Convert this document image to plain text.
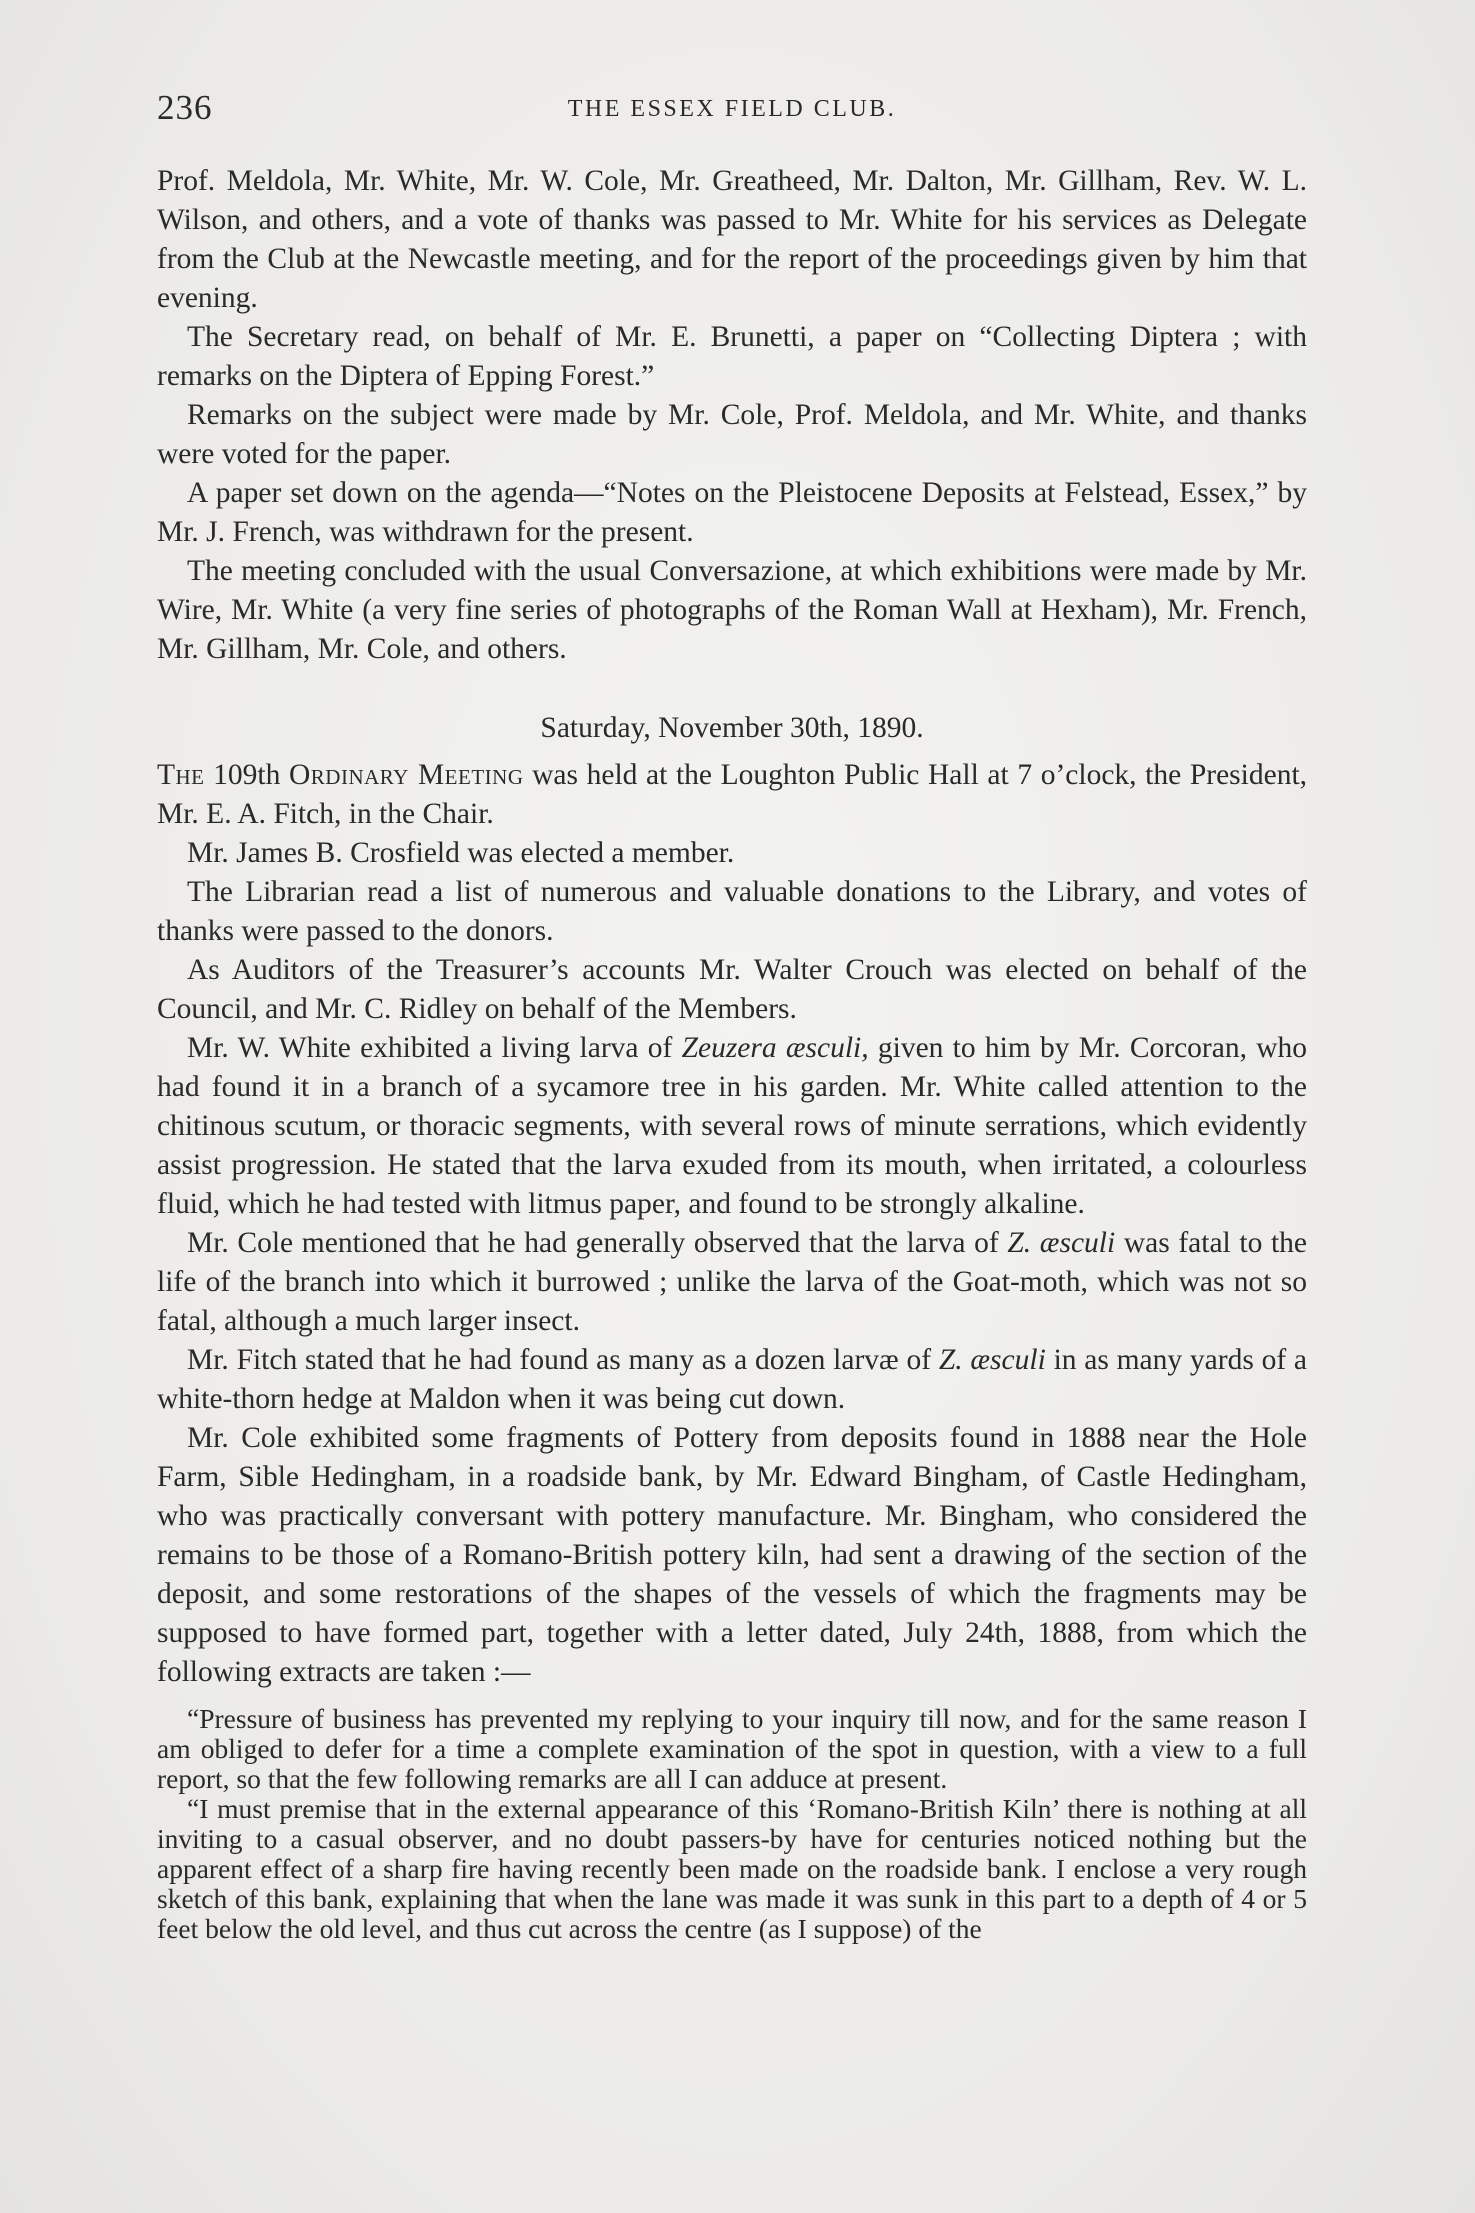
236	THE ESSEX FIELD CLUB.

Prof. Meldola, Mr. White, Mr. W. Cole, Mr. Greatheed, Mr. Dalton, Mr. Gillham, Rev. W. L. Wilson, and others, and a vote of thanks was passed to Mr. White for his services as Delegate from the Club at the Newcastle meeting, and for the report of the proceedings given by him that evening.

The Secretary read, on behalf of Mr. E. Brunetti, a paper on “Collecting Diptera ; with remarks on the Diptera of Epping Forest.”

Remarks on the subject were made by Mr. Cole, Prof. Meldola, and Mr. White, and thanks were voted for the paper.

A paper set down on the agenda—“Notes on the Pleistocene Deposits at Felstead, Essex,” by Mr. J. French, was withdrawn for the present.

The meeting concluded with the usual Conversazione, at which exhibitions were made by Mr. Wire, Mr. White (a very fine series of photographs of the Roman Wall at Hexham), Mr. French, Mr. Gillham, Mr. Cole, and others.

Saturday, November 30th, 1890.

The 109th Ordinary Meeting was held at the Loughton Public Hall at 7 o’clock, the President, Mr. E. A. Fitch, in the Chair.

Mr. James B. Crosfield was elected a member.

The Librarian read a list of numerous and valuable donations to the Library, and votes of thanks were passed to the donors.

As Auditors of the Treasurer’s accounts Mr. Walter Crouch was elected on behalf of the Council, and Mr. C. Ridley on behalf of the Members.

Mr. W. White exhibited a living larva of Zeuzera æsculi, given to him by Mr. Corcoran, who had found it in a branch of a sycamore tree in his garden. Mr. White called attention to the chitinous scutum, or thoracic segments, with several rows of minute serrations, which evidently assist progression. He stated that the larva exuded from its mouth, when irritated, a colourless fluid, which he had tested with litmus paper, and found to be strongly alkaline.

Mr. Cole mentioned that he had generally observed that the larva of Z. æsculi was fatal to the life of the branch into which it burrowed ; unlike the larva of the Goat-moth, which was not so fatal, although a much larger insect.

Mr. Fitch stated that he had found as many as a dozen larvæ of Z. æsculi in as many yards of a white-thorn hedge at Maldon when it was being cut down.

Mr. Cole exhibited some fragments of Pottery from deposits found in 1888 near the Hole Farm, Sible Hedingham, in a roadside bank, by Mr. Edward Bingham, of Castle Hedingham, who was practically conversant with pottery manufacture. Mr. Bingham, who considered the remains to be those of a Romano-British pottery kiln, had sent a drawing of the section of the deposit, and some restorations of the shapes of the vessels of which the fragments may be supposed to have formed part, together with a letter dated, July 24th, 1888, from which the following extracts are taken :—

“Pressure of business has prevented my replying to your inquiry till now, and for the same reason I am obliged to defer for a time a complete examination of the spot in question, with a view to a full report, so that the few following remarks are all I can adduce at present.

“I must premise that in the external appearance of this ‘Romano-British Kiln’ there is nothing at all inviting to a casual observer, and no doubt passers-by have for centuries noticed nothing but the apparent effect of a sharp fire having recently been made on the roadside bank. I enclose a very rough sketch of this bank, explaining that when the lane was made it was sunk in this part to a depth of 4 or 5 feet below the old level, and thus cut across the centre (as I suppose) of the
